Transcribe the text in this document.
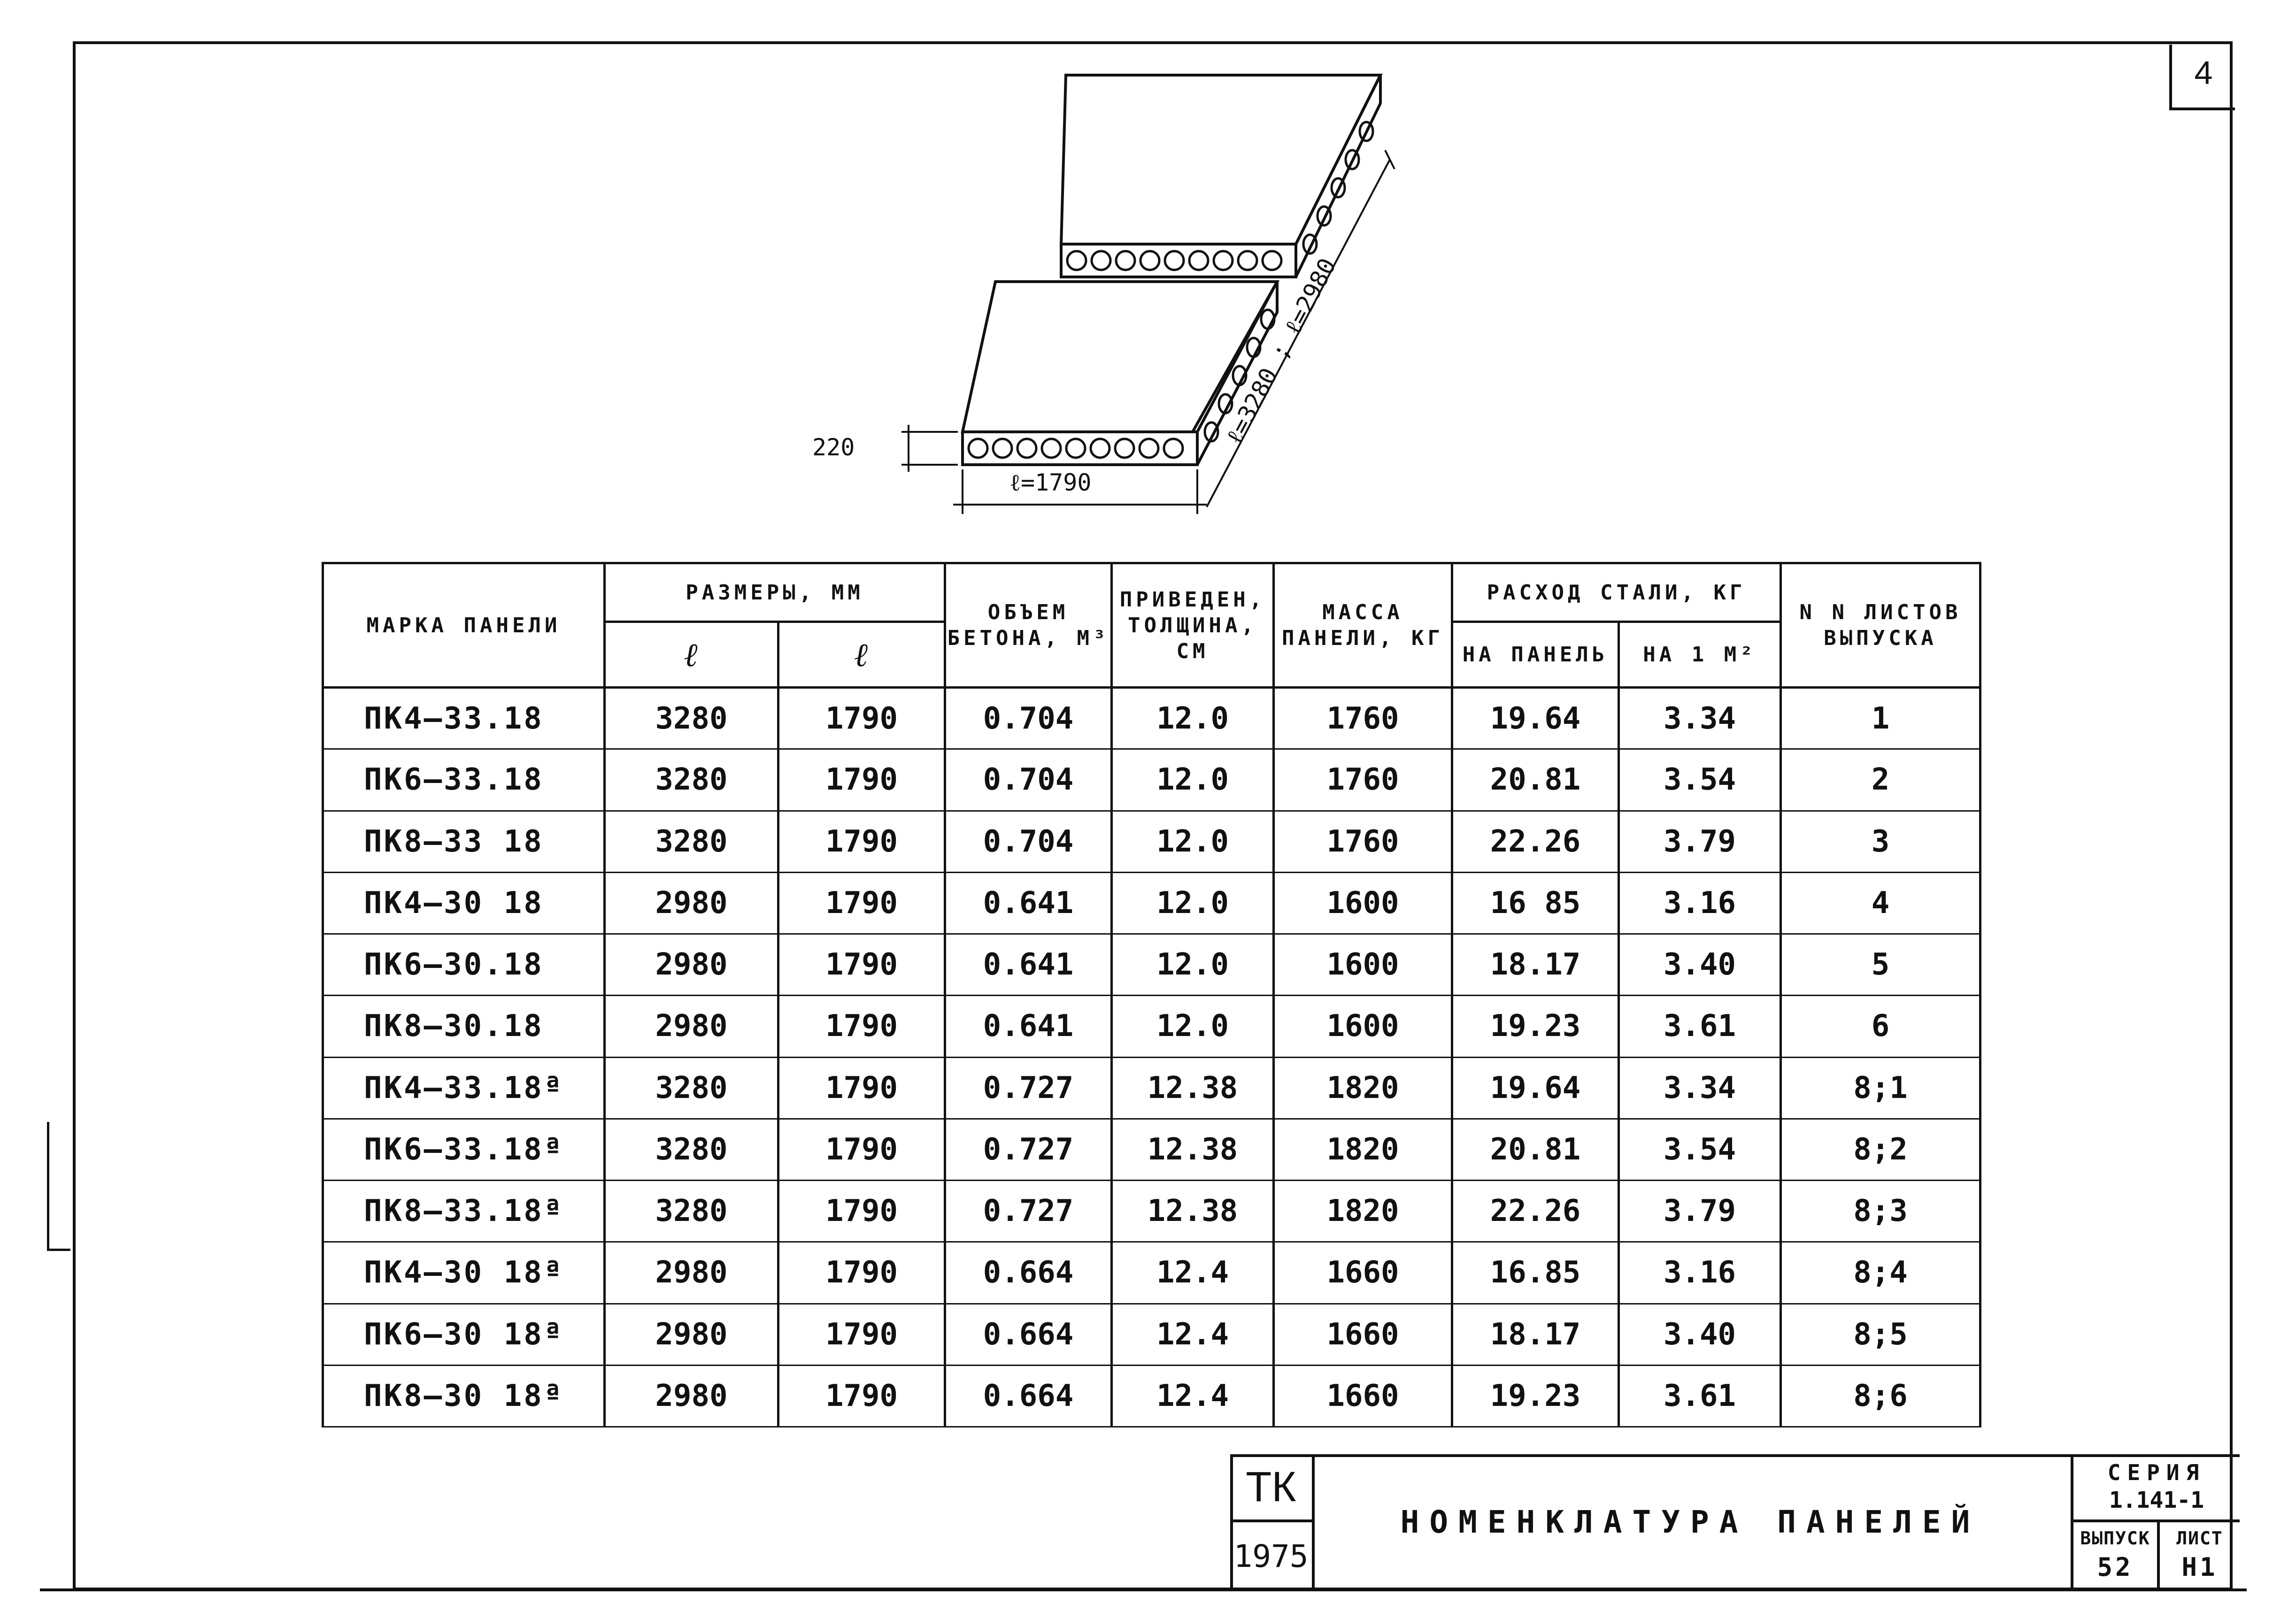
4
220
ℓ=1790
ℓ=3280 ; ℓ=2980
МАРКА ПАНЕЛИ	РАЗМЕРЫ, ММ		ОБЪЕМ БЕТОНА, М³	ПРИВЕДЕН, ТОЛЩИНА, СМ	МАССА ПАНЕЛИ, КГ	РАСХОД СТАЛИ, КГ		N N ЛИСТОВ ВЫПУСКА
	ℓ	ℓ				НА ПАНЕЛЬ	НА 1 М²	
ПК4—33.18	3280	1790	0.704	12.0	1760	19.64	3.34	1
ПК6—33.18	3280	1790	0.704	12.0	1760	20.81	3.54	2
ПК8—33 18	3280	1790	0.704	12.0	1760	22.26	3.79	3
ПК4—30 18	2980	1790	0.641	12.0	1600	16 85	3.16	4
ПК6—30.18	2980	1790	0.641	12.0	1600	18.17	3.40	5
ПК8—30.18	2980	1790	0.641	12.0	1600	19.23	3.61	6
ПК4—33.18ª	3280	1790	0.727	12.38	1820	19.64	3.34	8;1
ПК6—33.18ª	3280	1790	0.727	12.38	1820	20.81	3.54	8;2
ПК8—33.18ª	3280	1790	0.727	12.38	1820	22.26	3.79	8;3
ПК4—30 18ª	2980	1790	0.664	12.4	1660	16.85	3.16	8;4
ПК6—30 18ª	2980	1790	0.664	12.4	1660	18.17	3.40	8;5
ПК8—30 18ª	2980	1790	0.664	12.4	1660	19.23	3.61	8;6
ТК
1975
НОМЕНКЛАТУРА ПАНЕЛЕЙ
СЕРИЯ
1.141-1
ВЫПУСК
52
ЛИСТ
Н1
